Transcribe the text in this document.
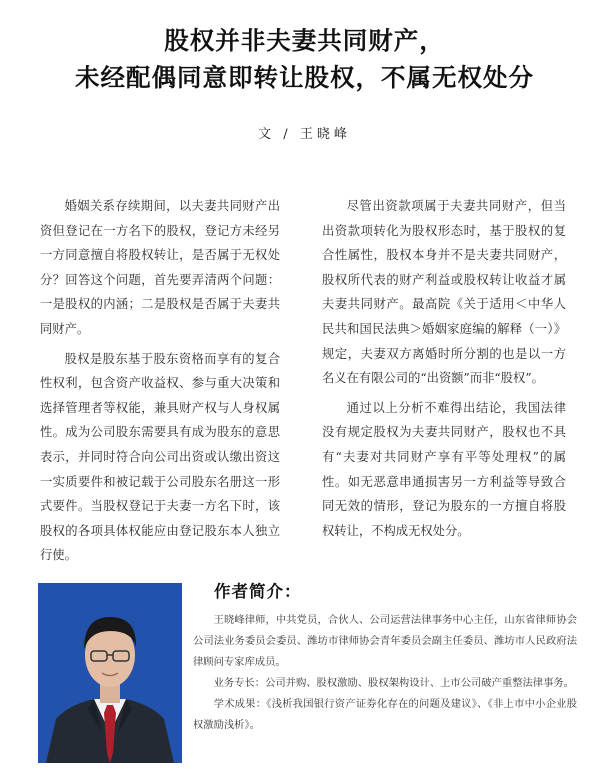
股权并非夫妻共同财产，
未经配偶同意即转让股权，不属无权处分
文 / 王晓峰

婚姻关系存续期间，以夫妻共同财产出资但登记在一方名下的股权，登记方未经另一方同意擅自将股权转让，是否属于无权处分？回答这个问题，首先要弄清两个问题：一是股权的内涵；二是股权是否属于夫妻共同财产。

股权是股东基于股东资格而享有的复合性权利，包含资产收益权、参与重大决策和选择管理者等权能，兼具财产权与人身权属性。成为公司股东需要具有成为股东的意思表示，并同时符合向公司出资或认缴出资这一实质要件和被记载于公司股东名册这一形式要件。当股权登记于夫妻一方名下时，该股权的各项具体权能应由登记股东本人独立行使。

尽管出资款项属于夫妻共同财产，但当出资款项转化为股权形态时，基于股权的复合性属性，股权本身并不是夫妻共同财产，股权所代表的财产利益或股权转让收益才属夫妻共同财产。最高院《关于适用＜中华人民共和国民法典＞婚姻家庭编的解释（一）》规定，夫妻双方离婚时所分割的也是以一方名义在有限公司的“出资额”而非“股权”。

通过以上分析不难得出结论，我国法律没有规定股权为夫妻共同财产，股权也不具有“夫妻对共同财产享有平等处理权”的属性。如无恶意串通损害另一方利益等导致合同无效的情形，登记为股东的一方擅自将股权转让，不构成无权处分。

作者简介：

王晓峰律师，中共党员，合伙人、公司运营法律事务中心主任，山东省律师协会公司法业务委员会委员、潍坊市律师协会青年委员会副主任委员、潍坊市人民政府法律顾问专家库成员。

业务专长：公司并购、股权激励、股权架构设计、上市公司破产重整法律事务。

学术成果：《浅析我国银行资产证券化存在的问题及建议》、《非上市中小企业股权激励浅析》。
